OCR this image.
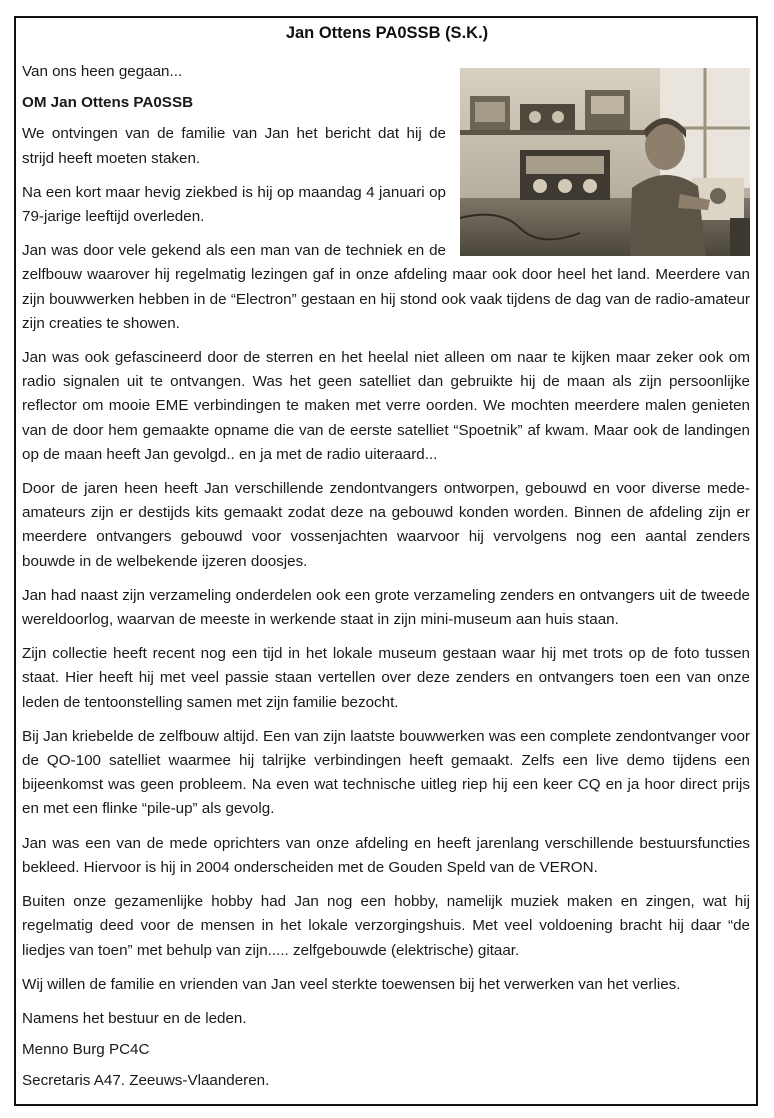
Jan Ottens PA0SSB (S.K.)

Van ons heen gegaan...

OM Jan Ottens PA0SSB

We ontvingen van de familie van Jan het bericht dat hij de strijd heeft moeten staken.

Na een kort maar hevig ziekbed is hij op maandag 4 januari op 79-jarige leeftijd overleden.

Jan was door vele gekend als een man van de techniek en de zelfbouw waarover hij regelmatig lezingen gaf in onze afdeling maar ook door heel het land. Meerdere van zijn bouwwerken hebben in de “Electron” gestaan en hij stond ook vaak tijdens de dag van de radio-amateur zijn creaties te showen.

Jan was ook gefascineerd door de sterren en het heelal niet alleen om naar te kijken maar zeker ook om radio signalen uit te ontvangen. Was het geen satelliet dan gebruikte hij de maan als zijn persoonlijke reflector om mooie EME verbindingen te maken met verre oorden. We mochten meerdere malen genieten van de door hem gemaakte opname die van de eerste satelliet “Spoetnik” af kwam. Maar ook de landingen op de maan heeft Jan gevolgd.. en ja met de radio uiteraard...

Door de jaren heen heeft Jan verschillende zendontvangers ontworpen, gebouwd en voor diverse mede-amateurs zijn er destijds kits gemaakt zodat deze na gebouwd konden worden. Binnen de afdeling zijn er meerdere ontvangers gebouwd voor vossenjachten waarvoor hij vervolgens nog een aantal zenders bouwde in de welbekende ijzeren doosjes.

Jan had naast zijn verzameling onderdelen ook een grote verzameling zenders en ontvangers uit de tweede wereldoorlog, waarvan de meeste in werkende staat in zijn mini-museum aan huis staan.

Zijn collectie heeft recent nog een tijd in het lokale museum gestaan waar hij met trots op de foto tussen staat. Hier heeft hij met veel passie staan vertellen over deze zenders en ontvangers toen een van onze leden de tentoonstelling samen met zijn familie bezocht.

Bij Jan kriebelde de zelfbouw altijd. Een van zijn laatste bouwwerken was een complete zendontvanger voor de QO-100 satelliet waarmee hij talrijke verbindingen heeft gemaakt. Zelfs een live demo tijdens een bijeenkomst was geen probleem. Na even wat technische uitleg riep hij een keer CQ en ja hoor direct prijs en met een flinke “pile-up” als gevolg.

Jan was een van de mede oprichters van onze afdeling en heeft jarenlang verschillende bestuursfuncties bekleed. Hiervoor is hij in 2004 onderscheiden met de Gouden Speld van de VERON.

Buiten onze gezamenlijke hobby had Jan nog een hobby, namelijk muziek maken en zingen, wat hij regelmatig deed voor de mensen in het lokale verzorgingshuis. Met veel voldoening bracht hij daar “de liedjes van toen” met behulp van zijn..... zelfgebouwde (elektrische) gitaar.

Wij willen de familie en vrienden van Jan veel sterkte toewensen bij het verwerken van het verlies.

Namens het bestuur en de leden.

Menno Burg PC4C

Secretaris A47. Zeeuws-Vlaanderen.
